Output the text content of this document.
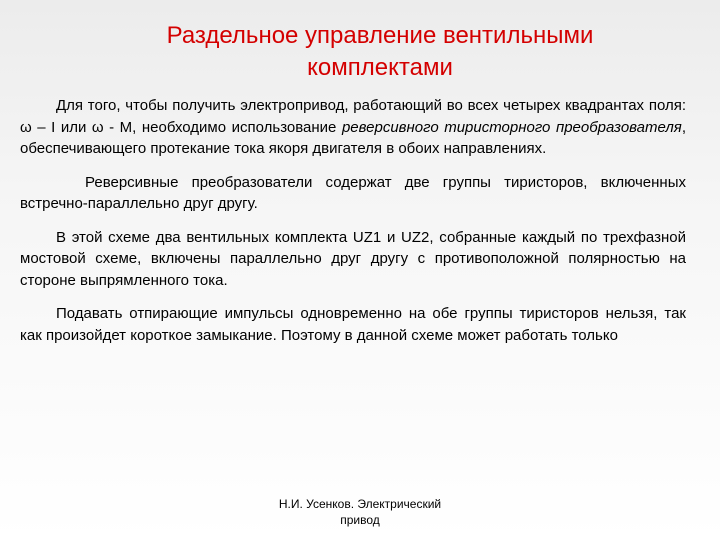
Раздельное управление вентильными
комплектами

Для того, чтобы получить электропривод, работающий во всех четырех квадрантах поля: ω – I или ω - M, необходимо использование реверсивного тиристорного преобразователя, обеспечивающего протекание тока якоря двигателя в обоих направлениях.

Реверсивные преобразователи содержат две группы тиристоров, включенных встречно-параллельно друг другу.

В этой схеме два вентильных комплекта UZ1 и UZ2, собранные каждый по трехфазной мостовой схеме, включены параллельно друг другу с противоположной полярностью на стороне выпрямленного тока.

Подавать отпирающие импульсы одновременно на обе группы тиристоров нельзя, так как произойдет короткое замыкание. Поэтому в данной схеме может работать только

Н.И. Усенков. Электрический
привод
